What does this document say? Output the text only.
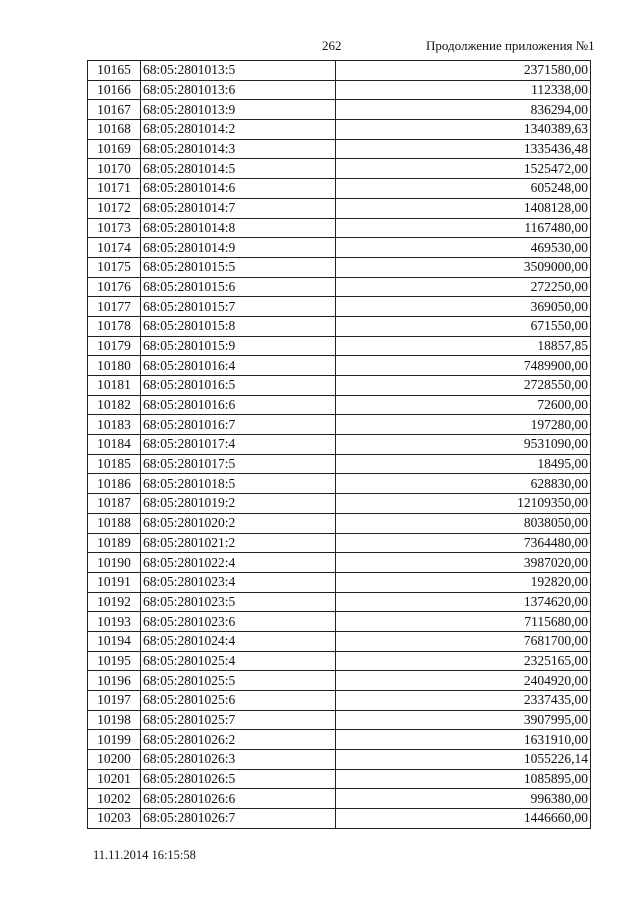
262	Продолжение приложения №1
10165	68:05:2801013:5	2371580,00
10166	68:05:2801013:6	112338,00
10167	68:05:2801013:9	836294,00
10168	68:05:2801014:2	1340389,63
10169	68:05:2801014:3	1335436,48
10170	68:05:2801014:5	1525472,00
10171	68:05:2801014:6	605248,00
10172	68:05:2801014:7	1408128,00
10173	68:05:2801014:8	1167480,00
10174	68:05:2801014:9	469530,00
10175	68:05:2801015:5	3509000,00
10176	68:05:2801015:6	272250,00
10177	68:05:2801015:7	369050,00
10178	68:05:2801015:8	671550,00
10179	68:05:2801015:9	18857,85
10180	68:05:2801016:4	7489900,00
10181	68:05:2801016:5	2728550,00
10182	68:05:2801016:6	72600,00
10183	68:05:2801016:7	197280,00
10184	68:05:2801017:4	9531090,00
10185	68:05:2801017:5	18495,00
10186	68:05:2801018:5	628830,00
10187	68:05:2801019:2	12109350,00
10188	68:05:2801020:2	8038050,00
10189	68:05:2801021:2	7364480,00
10190	68:05:2801022:4	3987020,00
10191	68:05:2801023:4	192820,00
10192	68:05:2801023:5	1374620,00
10193	68:05:2801023:6	7115680,00
10194	68:05:2801024:4	7681700,00
10195	68:05:2801025:4	2325165,00
10196	68:05:2801025:5	2404920,00
10197	68:05:2801025:6	2337435,00
10198	68:05:2801025:7	3907995,00
10199	68:05:2801026:2	1631910,00
10200	68:05:2801026:3	1055226,14
10201	68:05:2801026:5	1085895,00
10202	68:05:2801026:6	996380,00
10203	68:05:2801026:7	1446660,00
11.11.2014 16:15:58
